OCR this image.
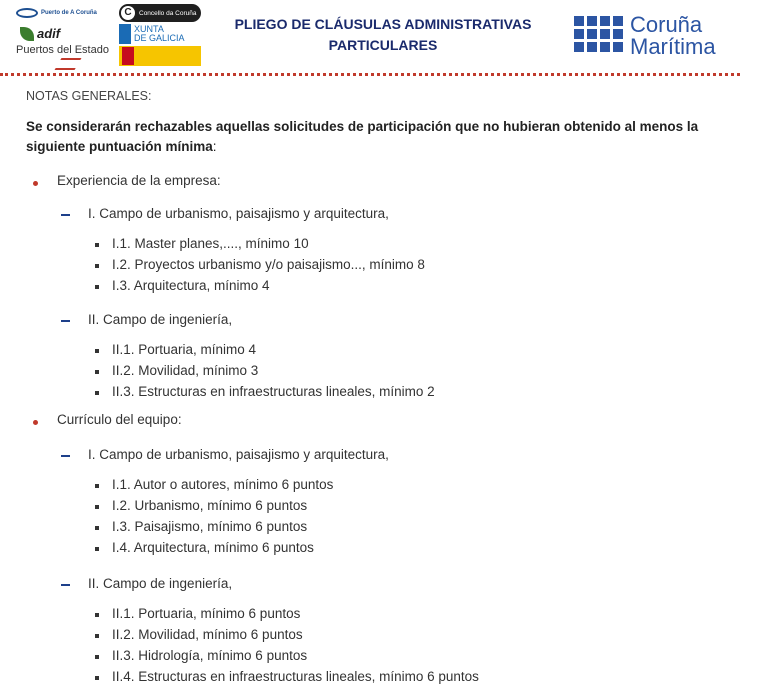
Puerto de A Coruña
adif
Puertos del Estado
C	Concello da Coruña
XUNTA
DE GALICIA
PLIEGO DE CLÁUSULAS ADMINISTRATIVAS
PARTICULARES
Coruña
Marítima
NOTAS GENERALES:
Se considerarán rechazables aquellas solicitudes de participación que no hubieran obtenido al menos la siguiente puntuación mínima:
Experiencia de la empresa:
I. Campo de urbanismo, paisajismo y arquitectura,
I.1. Master planes,...., mínimo 10
I.2. Proyectos urbanismo y/o paisajismo..., mínimo 8
I.3. Arquitectura, mínimo 4
II. Campo de ingeniería,
II.1. Portuaria, mínimo 4
II.2. Movilidad, mínimo 3
II.3. Estructuras en infraestructuras lineales, mínimo 2
Currículo del equipo:
I. Campo de urbanismo, paisajismo y arquitectura,
I.1. Autor o autores, mínimo 6 puntos
I.2. Urbanismo, mínimo 6 puntos
I.3. Paisajismo, mínimo 6 puntos
I.4. Arquitectura, mínimo 6 puntos
II. Campo de ingeniería,
II.1. Portuaria, mínimo 6 puntos
II.2. Movilidad, mínimo 6 puntos
II.3. Hidrología, mínimo 6 puntos
II.4. Estructuras en infraestructuras lineales, mínimo 6 puntos
